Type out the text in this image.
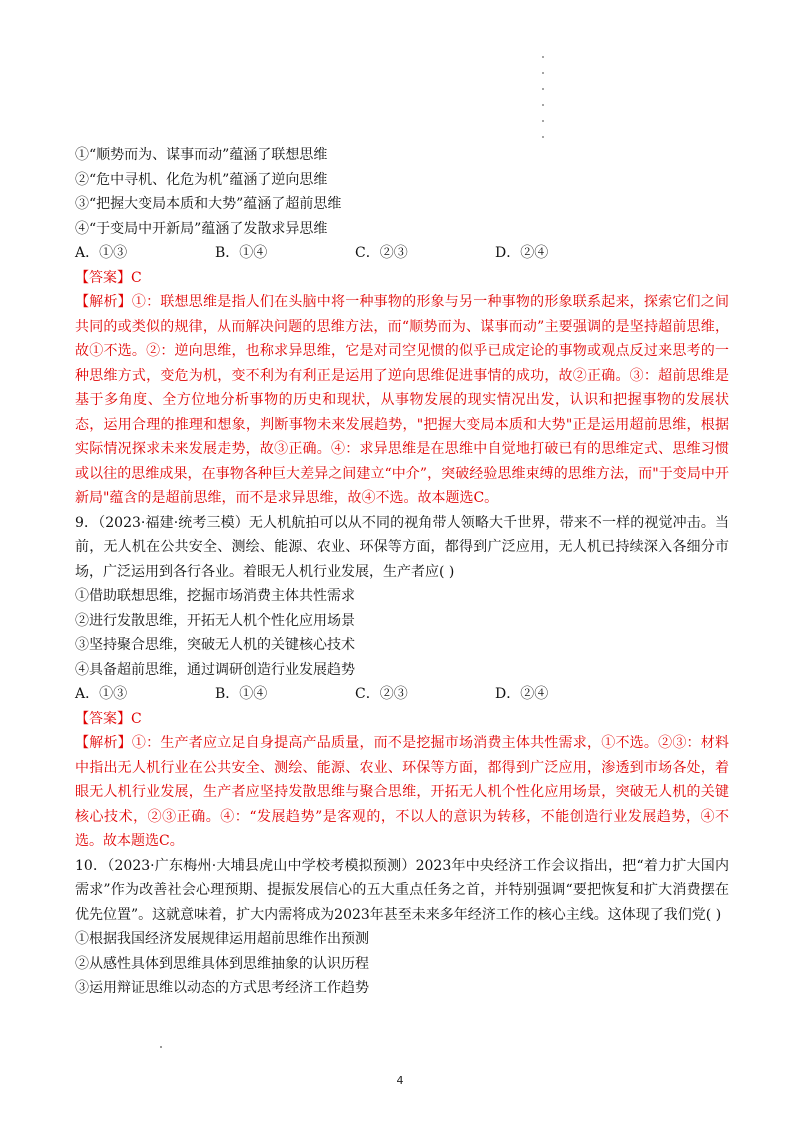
①“顺势而为、谋事而动”蕴涵了联想思维
②“危中寻机、化危为机”蕴涵了逆向思维
③“把握大变局本质和大势”蕴涵了超前思维
④“于变局中开新局”蕴涵了发散求异思维
A．①③	B．①④	C．②③	D．②④
【答案】C
【解析】①：联想思维是指人们在头脑中将一种事物的形象与另一种事物的形象联系起来，探索它们之间共同的或类似的规律，从而解决问题的思维方法，而“顺势而为、谋事而动”主要强调的是坚持超前思维，故①不选。②：逆向思维，也称求异思维，它是对司空见惯的似乎已成定论的事物或观点反过来思考的一种思维方式，变危为机，变不利为有利正是运用了逆向思维促进事情的成功，故②正确。③：超前思维是基于多角度、全方位地分析事物的历史和现状，从事物发展的现实情况出发，认识和把握事物的发展状态，运用合理的推理和想象，判断事物未来发展趋势，"把握大变局本质和大势"正是运用超前思维，根据实际情况探求未来发展走势，故③正确。④：求异思维是在思维中自觉地打破已有的思维定式、思维习惯或以往的思维成果，在事物各种巨大差异之间建立“中介”，突破经验思维束缚的思维方法，而"于变局中开新局"蕴含的是超前思维，而不是求异思维，故④不选。故本题选C。
9．（2023·福建·统考三模）无人机航拍可以从不同的视角带人领略大千世界，带来不一样的视觉冲击。当前，无人机在公共安全、测绘、能源、农业、环保等方面，都得到广泛应用，无人机已持续深入各细分市场，广泛运用到各行各业。着眼无人机行业发展，生产者应( )
①借助联想思维，挖掘市场消费主体共性需求
②进行发散思维，开拓无人机个性化应用场景
③坚持聚合思维，突破无人机的关键核心技术
④具备超前思维，通过调研创造行业发展趋势
A．①③	B．①④	C．②③	D．②④
【答案】C
【解析】①：生产者应立足自身提高产品质量，而不是挖掘市场消费主体共性需求，①不选。②③：材料中指出无人机行业在公共安全、测绘、能源、农业、环保等方面，都得到广泛应用，渗透到市场各处，着眼无人机行业发展，生产者应坚持发散思维与聚合思维，开拓无人机个性化应用场景，突破无人机的关键核心技术，②③正确。④：“发展趋势”是客观的，不以人的意识为转移，不能创造行业发展趋势，④不选。故本题选C。
10．（2023·广东梅州·大埔县虎山中学校考模拟预测）2023年中央经济工作会议指出，把“着力扩大国内需求”作为改善社会心理预期、提振发展信心的五大重点任务之首，并特别强调“要把恢复和扩大消费摆在优先位置”。这就意味着，扩大内需将成为2023年甚至未来多年经济工作的核心主线。这体现了我们党( )
①根据我国经济发展规律运用超前思维作出预测
②从感性具体到思维具体到思维抽象的认识历程
③运用辩证思维以动态的方式思考经济工作趋势
4
